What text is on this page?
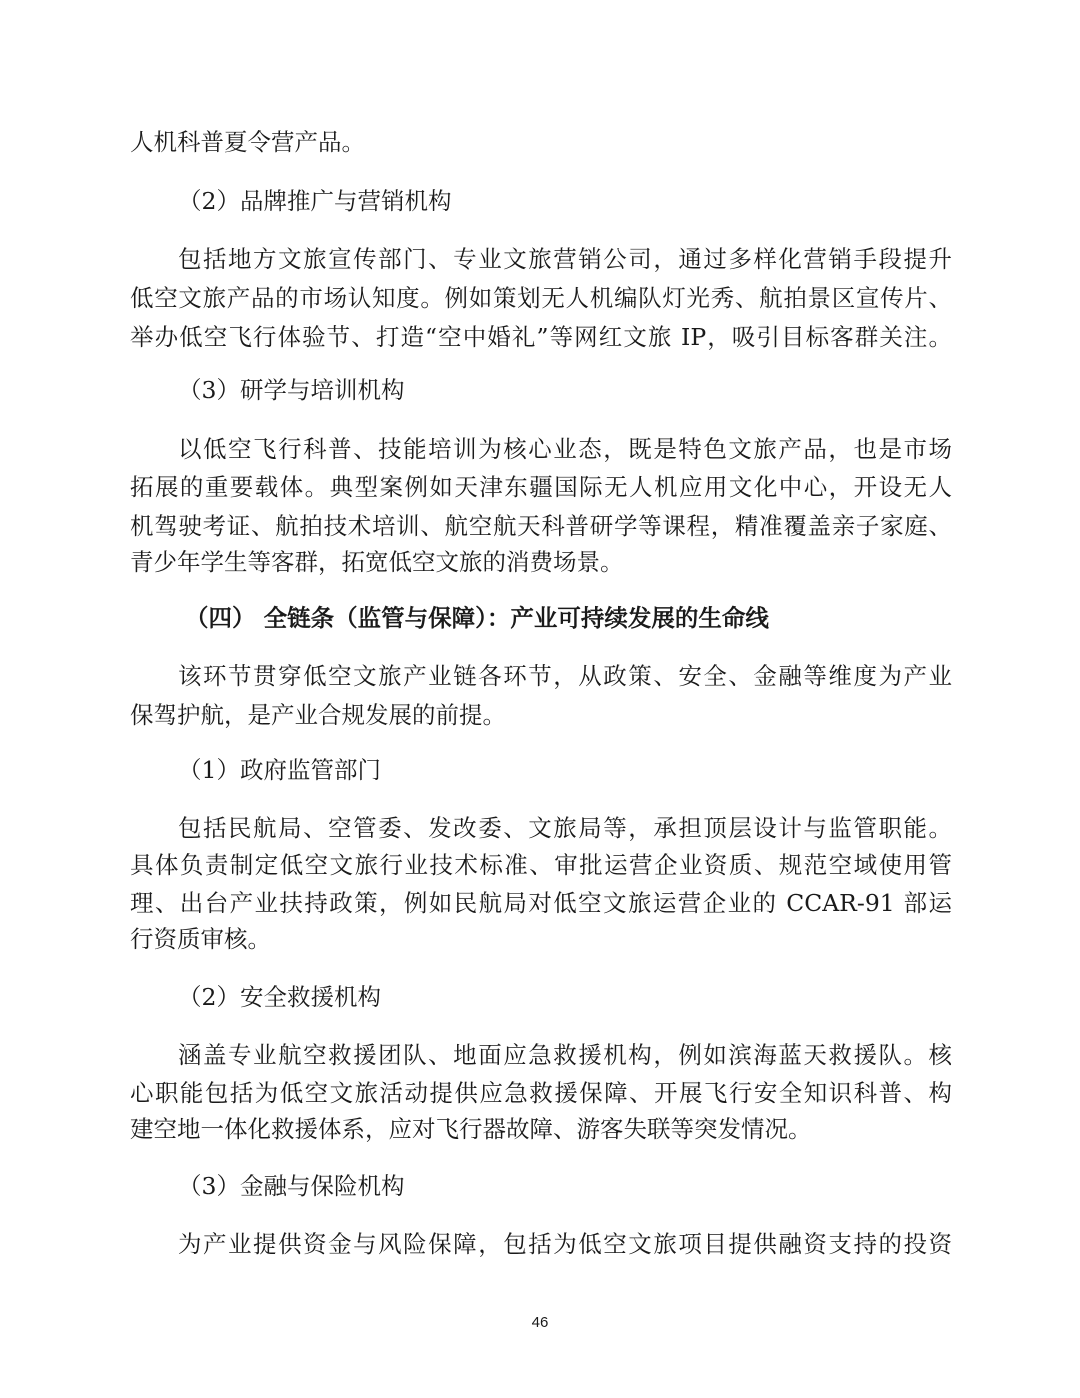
人机科普夏令营产品。

（2）品牌推广与营销机构

包括地方文旅宣传部门、专业文旅营销公司，通过多样化营销手段提升

低空文旅产品的市场认知度。例如策划无人机编队灯光秀、航拍景区宣传片、

举办低空飞行体验节、打造“空中婚礼”等网红文旅 IP，吸引目标客群关注。

（3）研学与培训机构

以低空飞行科普、技能培训为核心业态，既是特色文旅产品，也是市场

拓展的重要载体。典型案例如天津东疆国际无人机应用文化中心，开设无人

机驾驶考证、航拍技术培训、航空航天科普研学等课程，精准覆盖亲子家庭、

青少年学生等客群，拓宽低空文旅的消费场景。

（四） 全链条（监管与保障）：产业可持续发展的生命线

该环节贯穿低空文旅产业链各环节，从政策、安全、金融等维度为产业

保驾护航，是产业合规发展的前提。

（1）政府监管部门

包括民航局、空管委、发改委、文旅局等，承担顶层设计与监管职能。

具体负责制定低空文旅行业技术标准、审批运营企业资质、规范空域使用管

理、出台产业扶持政策，例如民航局对低空文旅运营企业的 CCAR-91 部运

行资质审核。

（2）安全救援机构

涵盖专业航空救援团队、地面应急救援机构，例如滨海蓝天救援队。核

心职能包括为低空文旅活动提供应急救援保障、开展飞行安全知识科普、构

建空地一体化救援体系，应对飞行器故障、游客失联等突发情况。

（3）金融与保险机构

为产业提供资金与风险保障，包括为低空文旅项目提供融资支持的投资

46
